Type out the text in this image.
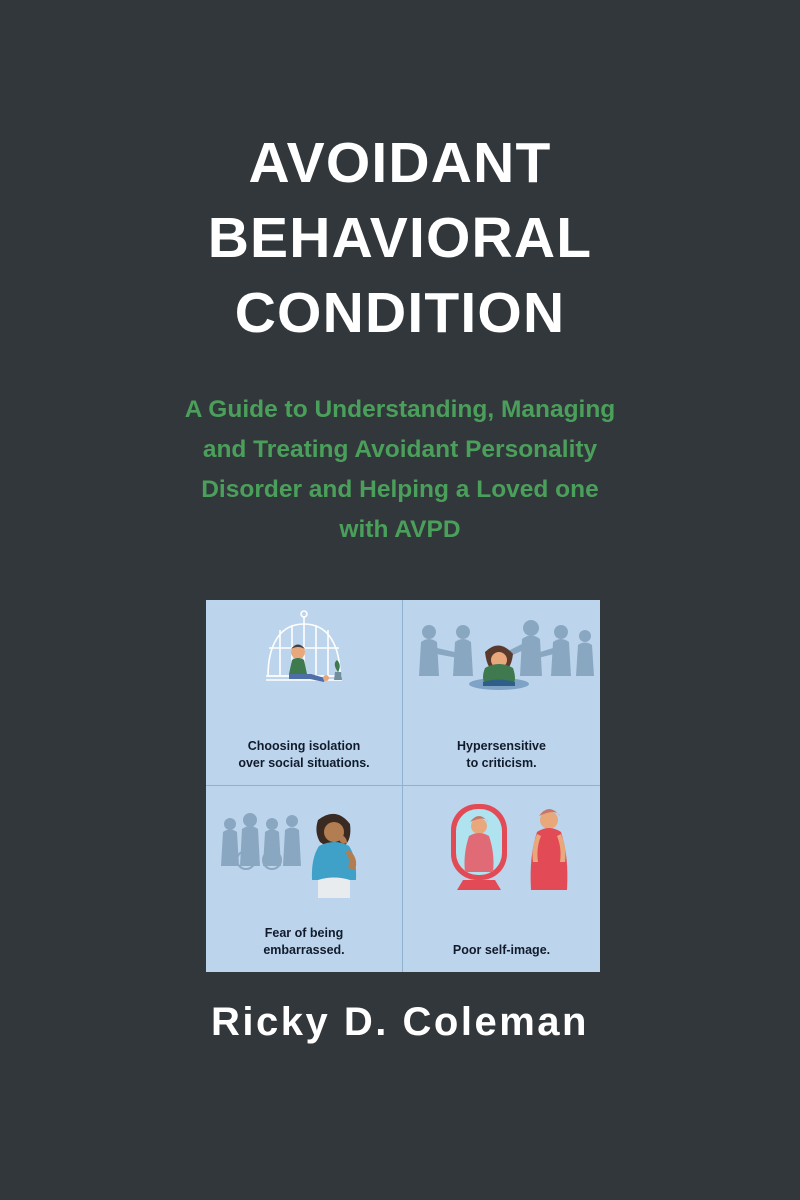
AVOIDANT
BEHAVIORAL
CONDITION
A Guide to Understanding, Managing
and Treating Avoidant Personality
Disorder and Helping a Loved one
with AVPD
Choosing isolation
over social situations.
Hypersensitive
to criticism.
Fear of being
embarrassed.	Poor self-image.
Ricky D. Coleman
